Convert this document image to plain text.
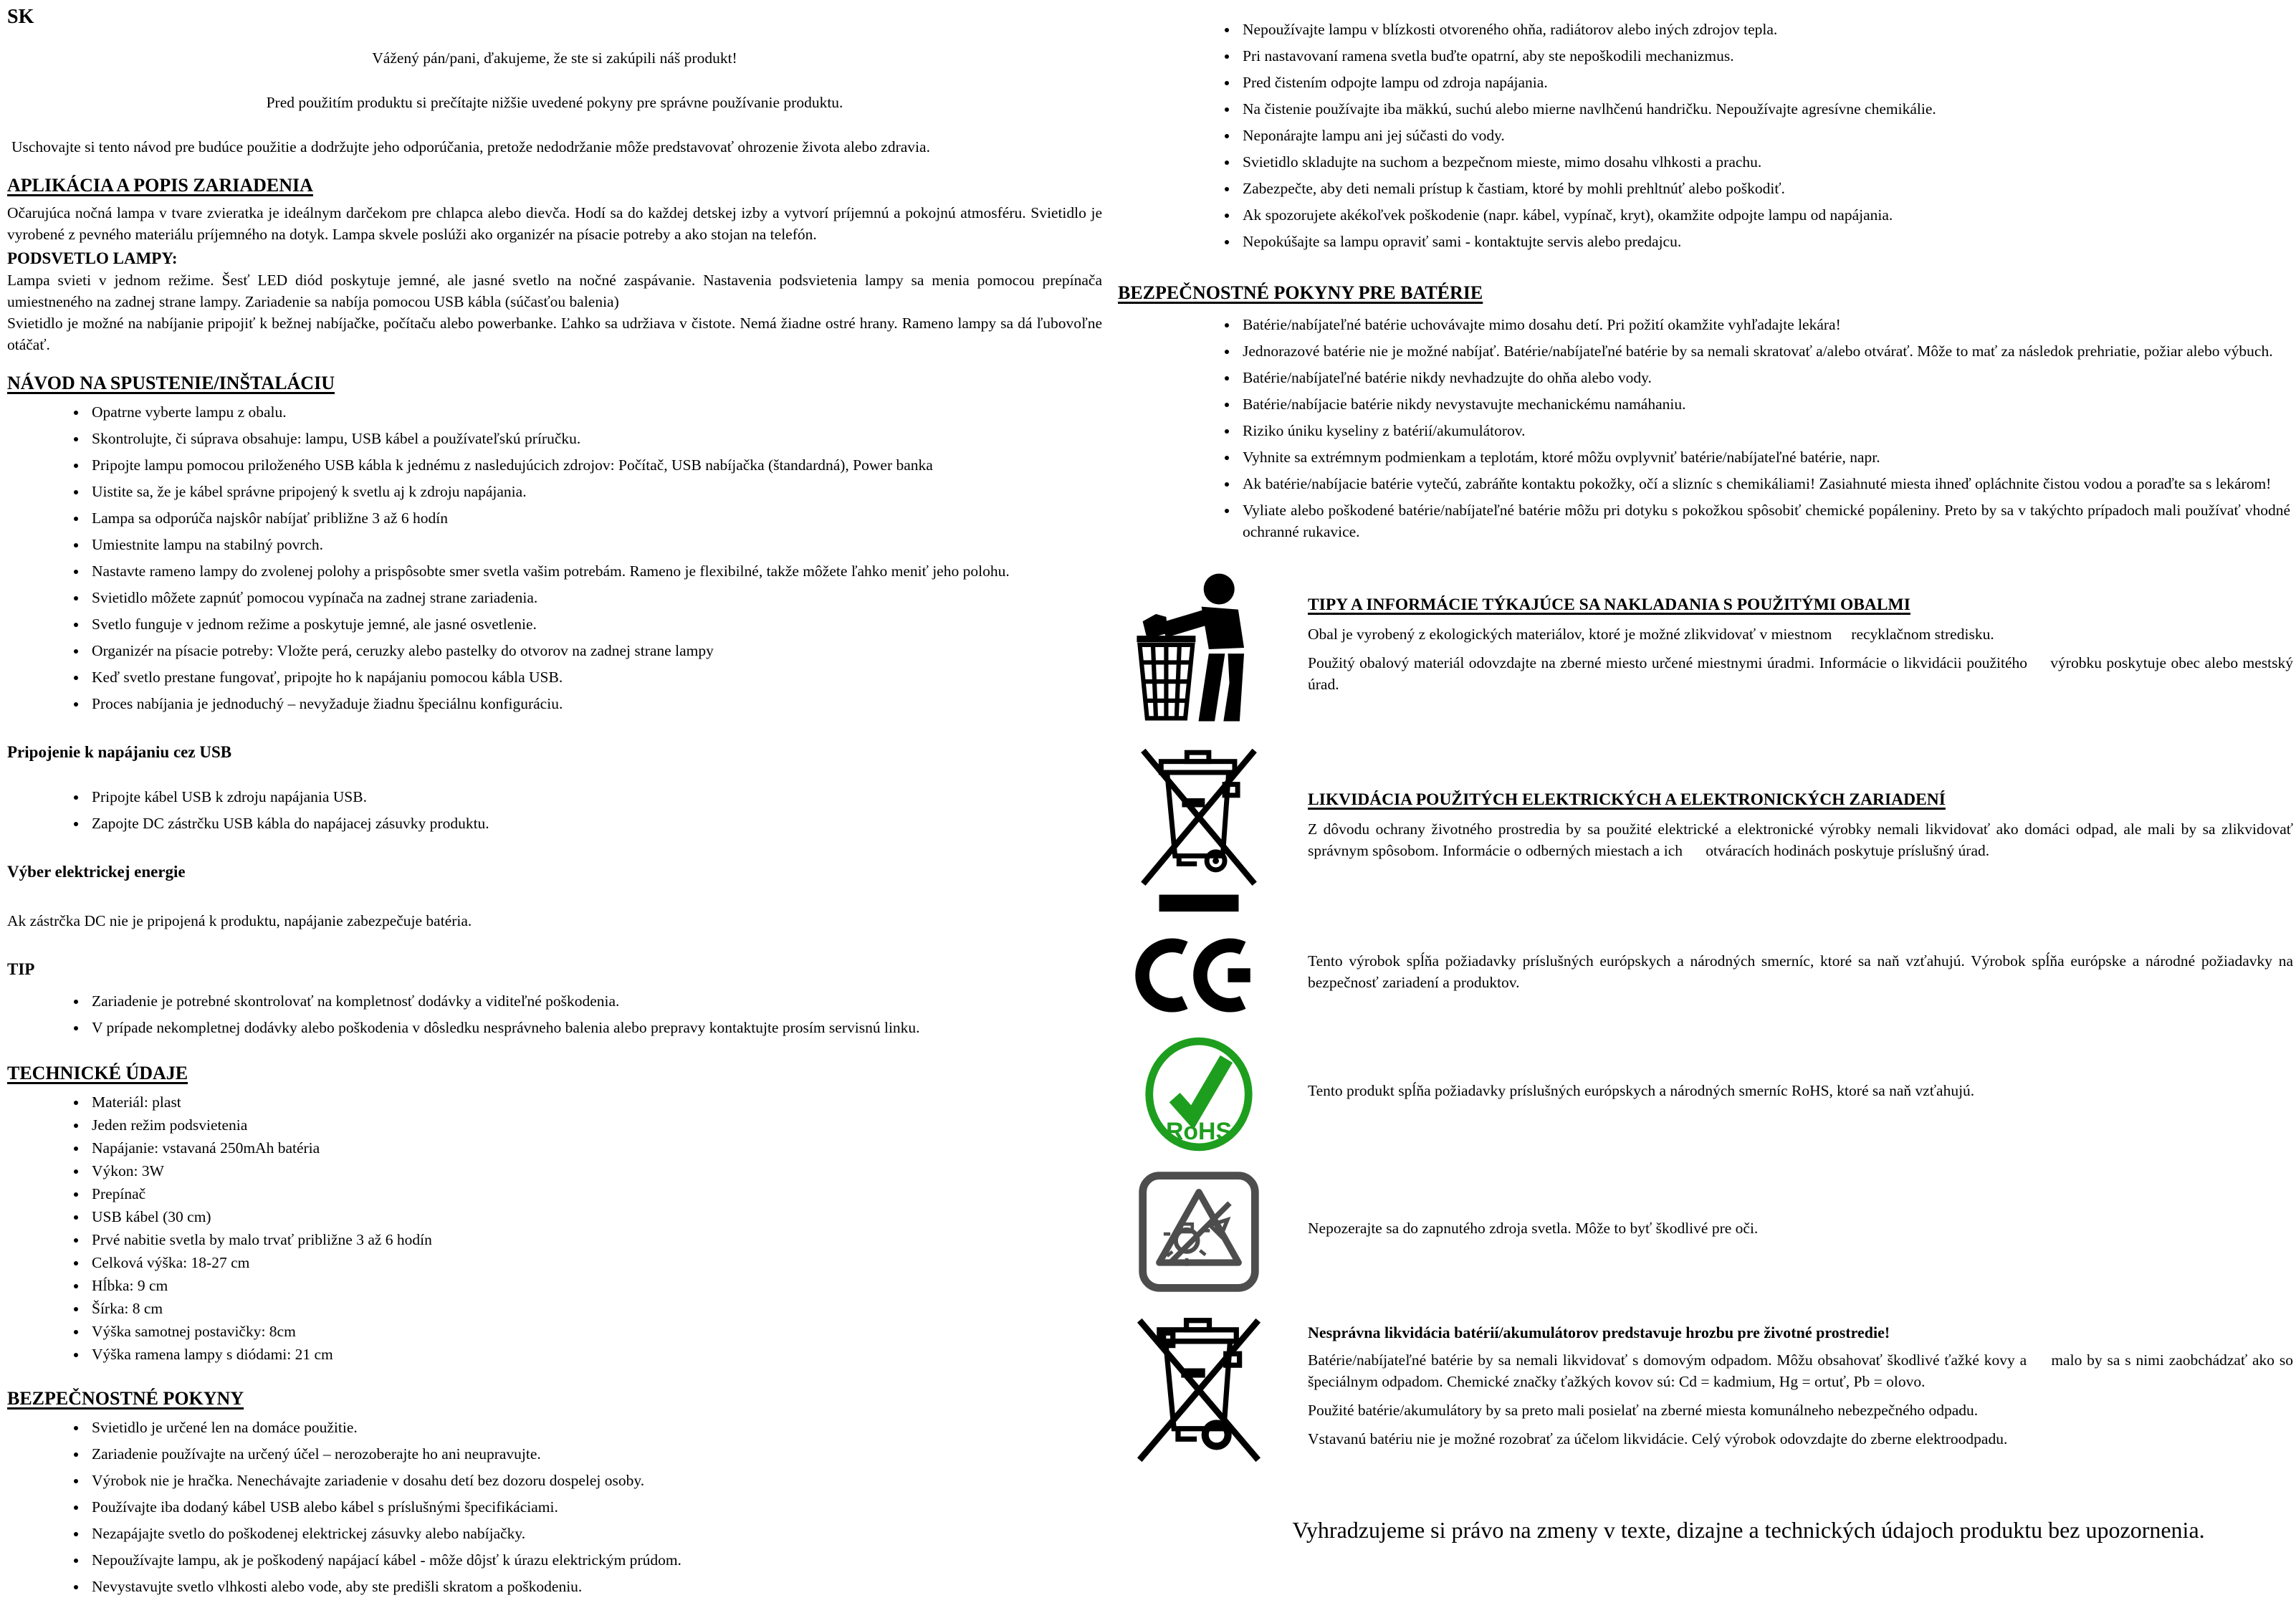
SK

Vážený pán/pani, ďakujeme, že ste si zakúpili náš produkt!

Pred použitím produktu si prečítajte nižšie uvedené pokyny pre správne používanie produktu.

Uschovajte si tento návod pre budúce použitie a dodržujte jeho odporúčania, pretože nedodržanie môže predstavovať ohrozenie života alebo zdravia.

APLIKÁCIA A POPIS ZARIADENIA

Očarujúca nočná lampa v tvare zvieratka je ideálnym darčekom pre chlapca alebo dievča. Hodí sa do každej detskej izby a vytvorí príjemnú a pokojnú atmosféru. Svietidlo je vyrobené z pevného materiálu príjemného na dotyk. Lampa skvele poslúži ako organizér na písacie potreby a ako stojan na telefón.

PODSVETLO LAMPY:

Lampa svieti v jednom režime. Šesť LED diód poskytuje jemné, ale jasné svetlo na nočné zaspávanie. Nastavenia podsvietenia lampy sa menia pomocou prepínača umiestneného na zadnej strane lampy. Zariadenie sa nabíja pomocou USB kábla (súčasťou balenia)

Svietidlo je možné na nabíjanie pripojiť k bežnej nabíjačke, počítaču alebo powerbanke. Ľahko sa udržiava v čistote. Nemá žiadne ostré hrany. Rameno lampy sa dá ľubovoľne otáčať.

NÁVOD NA SPUSTENIE/INŠTALÁCIU
• Opatrne vyberte lampu z obalu.
• Skontrolujte, či súprava obsahuje: lampu, USB kábel a používateľskú príručku.
• Pripojte lampu pomocou priloženého USB kábla k jednému z nasledujúcich zdrojov: Počítač, USB nabíjačka (štandardná), Power banka
• Uistite sa, že je kábel správne pripojený k svetlu aj k zdroju napájania.
• Lampa sa odporúča najskôr nabíjať približne 3 až 6 hodín
• Umiestnite lampu na stabilný povrch.
• Nastavte rameno lampy do zvolenej polohy a prispôsobte smer svetla vašim potrebám. Rameno je flexibilné, takže môžete ľahko meniť jeho polohu.
• Svietidlo môžete zapnúť pomocou vypínača na zadnej strane zariadenia.
• Svetlo funguje v jednom režime a poskytuje jemné, ale jasné osvetlenie.
• Organizér na písacie potreby: Vložte perá, ceruzky alebo pastelky do otvorov na zadnej strane lampy
• Keď svetlo prestane fungovať, pripojte ho k napájaniu pomocou kábla USB.
• Proces nabíjania je jednoduchý – nevyžaduje žiadnu špeciálnu konfiguráciu.
Pripojenie k napájaniu cez USB
• Pripojte kábel USB k zdroju napájania USB.
• Zapojte DC zástrčku USB kábla do napájacej zásuvky produktu.
Výber elektrickej energie

Ak zástrčka DC nie je pripojená k produktu, napájanie zabezpečuje batéria.

TIP
• Zariadenie je potrebné skontrolovať na kompletnosť dodávky a viditeľné poškodenia.
• V prípade nekompletnej dodávky alebo poškodenia v dôsledku nesprávneho balenia alebo prepravy kontaktujte prosím servisnú linku.
TECHNICKÉ ÚDAJE
• Materiál: plast
• Jeden režim podsvietenia
• Napájanie: vstavaná 250mAh batéria
• Výkon: 3W
• Prepínač
• USB kábel (30 cm)
• Prvé nabitie svetla by malo trvať približne 3 až 6 hodín
• Celková výška: 18-27 cm
• Hĺbka: 9 cm
• Šírka: 8 cm
• Výška samotnej postavičky: 8cm
• Výška ramena lampy s diódami: 21 cm
BEZPEČNOSTNÉ POKYNY
• Svietidlo je určené len na domáce použitie.
• Zariadenie používajte na určený účel – nerozoberajte ho ani neupravujte.
• Výrobok nie je hračka. Nenechávajte zariadenie v dosahu detí bez dozoru dospelej osoby.
• Používajte iba dodaný kábel USB alebo kábel s príslušnými špecifikáciami.
• Nezapájajte svetlo do poškodenej elektrickej zásuvky alebo nabíjačky.
• Nepoužívajte lampu, ak je poškodený napájací kábel - môže dôjsť k úrazu elektrickým prúdom.
• Nevystavujte svetlo vlhkosti alebo vode, aby ste predišli skratom a poškodeniu.
• Nepoužívajte lampu v blízkosti otvoreného ohňa, radiátorov alebo iných zdrojov tepla.
• Pri nastavovaní ramena svetla buďte opatrní, aby ste nepoškodili mechanizmus.
• Pred čistením odpojte lampu od zdroja napájania.
• Na čistenie používajte iba mäkkú, suchú alebo mierne navlhčenú handričku. Nepoužívajte agresívne chemikálie.
• Neponárajte lampu ani jej súčasti do vody.
• Svietidlo skladujte na suchom a bezpečnom mieste, mimo dosahu vlhkosti a prachu.
• Zabezpečte, aby deti nemali prístup k častiam, ktoré by mohli prehltnúť alebo poškodiť.
• Ak spozorujete akékoľvek poškodenie (napr. kábel, vypínač, kryt), okamžite odpojte lampu od napájania.
• Nepokúšajte sa lampu opraviť sami - kontaktujte servis alebo predajcu.
BEZPEČNOSTNÉ POKYNY PRE BATÉRIE
• Batérie/nabíjateľné batérie uchovávajte mimo dosahu detí. Pri požití okamžite vyhľadajte lekára!
• Jednorazové batérie nie je možné nabíjať. Batérie/nabíjateľné batérie by sa nemali skratovať a/alebo otvárať. Môže to mať za následok prehriatie, požiar alebo výbuch.
• Batérie/nabíjateľné batérie nikdy nevhadzujte do ohňa alebo vody.
• Batérie/nabíjacie batérie nikdy nevystavujte mechanickému namáhaniu.
• Riziko úniku kyseliny z batérií/akumulátorov.
• Vyhnite sa extrémnym podmienkam a teplotám, ktoré môžu ovplyvniť batérie/nabíjateľné batérie, napr.
• Ak batérie/nabíjacie batérie vytečú, zabráňte kontaktu pokožky, očí a slizníc s chemikáliami! Zasiahnuté miesta ihneď opláchnite čistou vodou a poraďte sa s lekárom!
• Vyliate alebo poškodené batérie/nabíjateľné batérie môžu pri dotyku s pokožkou spôsobiť chemické popáleniny. Preto by sa v takýchto prípadoch mali používať vhodné ochranné rukavice.
TIPY A INFORMÁCIE TÝKAJÚCE SA NAKLADANIA S POUŽITÝMI OBALMI

Obal je vyrobený z ekologických materiálov, ktoré je možné zlikvidovať v miestnom     recyklačnom stredisku.

Použitý obalový materiál odovzdajte na zberné miesto určené miestnymi úradmi. Informácie o likvidácii použitého     výrobku poskytuje obec alebo mestský úrad.

LIKVIDÁCIA POUŽITÝCH ELEKTRICKÝCH A ELEKTRONICKÝCH ZARIADENÍ

Z dôvodu ochrany životného prostredia by sa použité elektrické a elektronické výrobky nemali likvidovať ako domáci odpad, ale mali by sa zlikvidovať správnym spôsobom. Informácie o odberných miestach a ich      otváracích hodinách poskytuje príslušný úrad.

Tento výrobok spĺňa požiadavky príslušných európskych a národných smerníc, ktoré sa naň vzťahujú. Výrobok spĺňa európske a národné požiadavky na bezpečnosť zariadení a produktov.

RoHS

Tento produkt spĺňa požiadavky príslušných európskych a národných smerníc RoHS, ktoré sa naň vzťahujú.

Nepozerajte sa do zapnutého zdroja svetla. Môže to byť škodlivé pre oči.

Nesprávna likvidácia batérií/akumulátorov predstavuje hrozbu pre životné prostredie!

Batérie/nabíjateľné batérie by sa nemali likvidovať s domovým odpadom. Môžu obsahovať škodlivé ťažké kovy a     malo by sa s nimi zaobchádzať ako so špeciálnym odpadom. Chemické značky ťažkých kovov sú: Cd = kadmium, Hg = ortuť, Pb = olovo.

Použité batérie/akumulátory by sa preto mali posielať na zberné miesta komunálneho nebezpečného odpadu.

Vstavanú batériu nie je možné rozobrať za účelom likvidácie. Celý výrobok odovzdajte do zberne elektroodpadu.

Vyhradzujeme si právo na zmeny v texte, dizajne a technických údajoch produktu bez upozornenia.
